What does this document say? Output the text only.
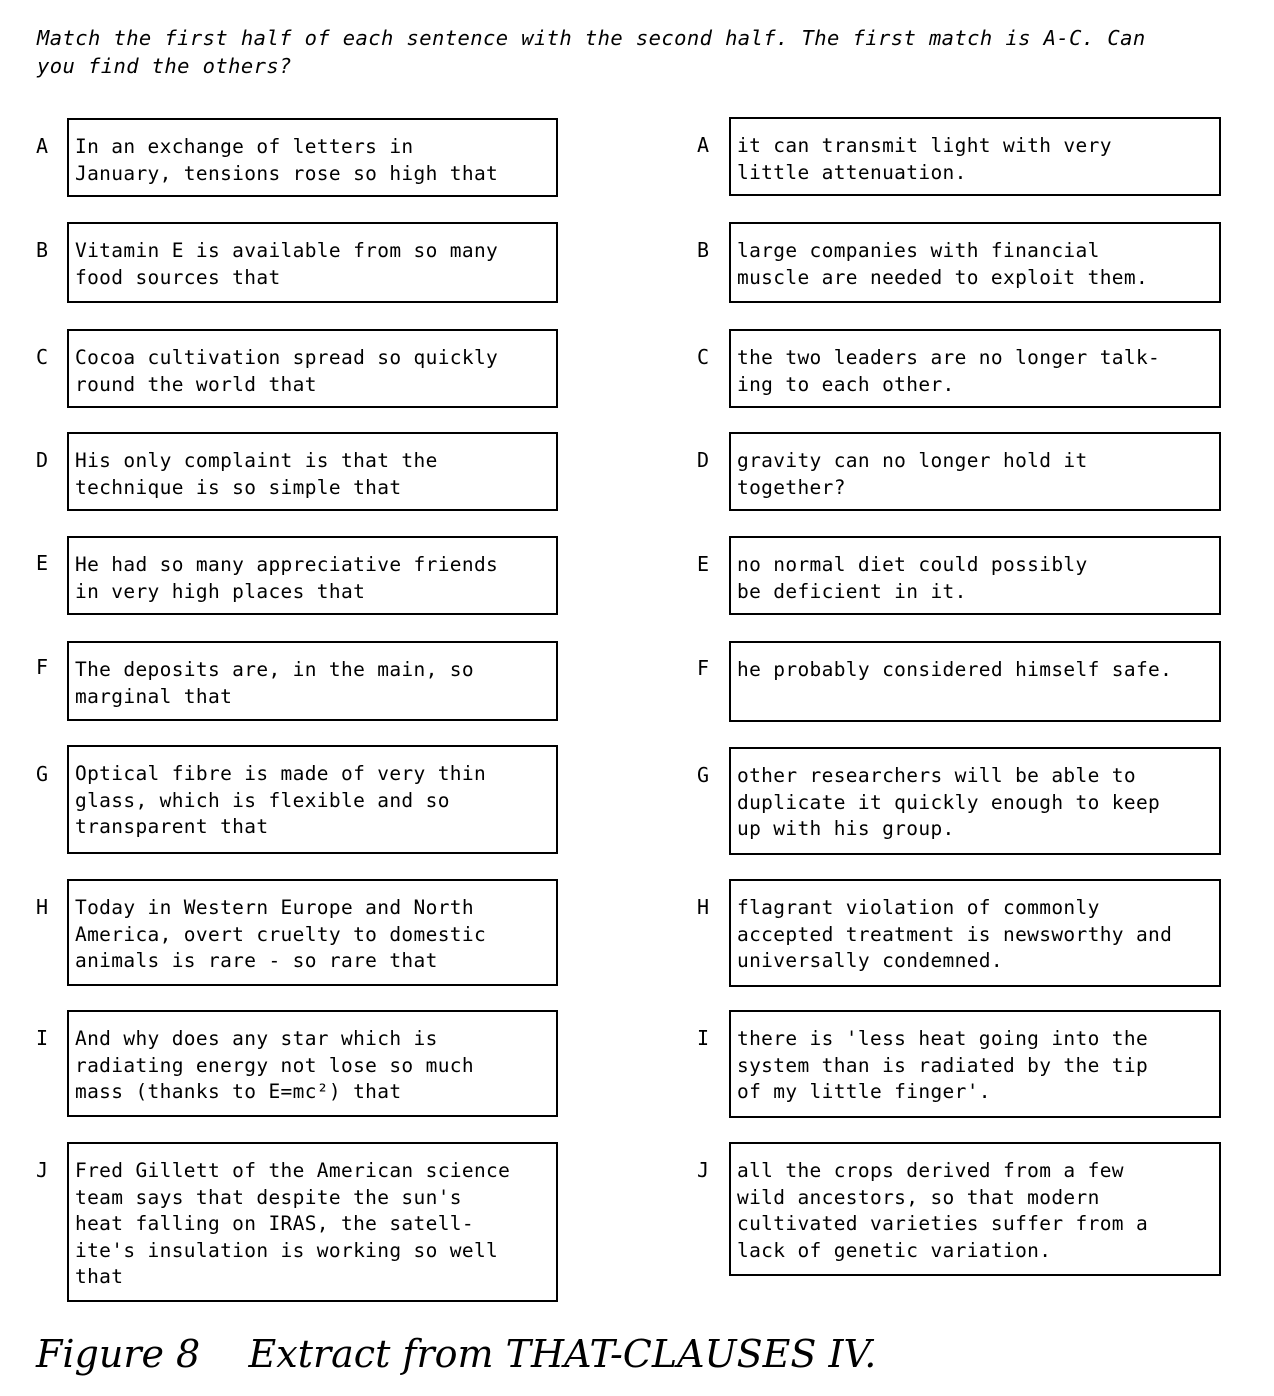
Match the first half of each sentence with the second half. The first match is A-C. Can
you find the others?

A	In an exchange of letters in
January, tensions rose so high that
B	Vitamin E is available from so many
food sources that
C	Cocoa cultivation spread so quickly
round the world that
D	His only complaint is that the
technique is so simple that
E	He had so many appreciative friends
in very high places that
F	The deposits are, in the main, so
marginal that
G	Optical fibre is made of very thin
glass, which is flexible and so
transparent that
H	Today in Western Europe and North
America, overt cruelty to domestic
animals is rare - so rare that
I	And why does any star which is
radiating energy not lose so much
mass (thanks to E=mc²) that
J	Fred Gillett of the American science
team says that despite the sun's
heat falling on IRAS, the satell-
ite's insulation is working so well
that
A	it can transmit light with very
little attenuation.
B	large companies with financial
muscle are needed to exploit them.
C	the two leaders are no longer talk-
ing to each other.
D	gravity can no longer hold it
together?
E	no normal diet could possibly
be deficient in it.
F	he probably considered himself safe.
G	other researchers will be able to
duplicate it quickly enough to keep
up with his group.
H	flagrant violation of commonly
accepted treatment is newsworthy and
universally condemned.
I	there is 'less heat going into the
system than is radiated by the tip
of my little finger'.
J	all the crops derived from a few
wild ancestors, so that modern
cultivated varieties suffer from a
lack of genetic variation.

Figure 8    Extract from THAT-CLAUSES IV.
